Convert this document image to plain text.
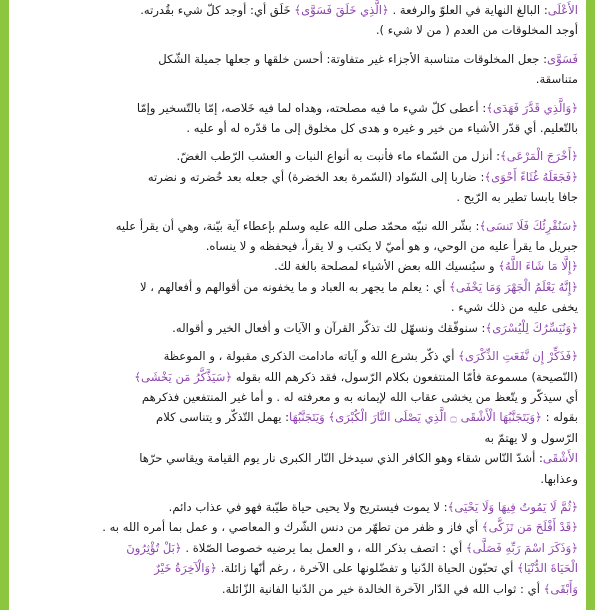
الأَعْلَى: البالغ النهاية في العلوّ والرفعة . ﴿الَّذِي خَلَقَ فَسَوَّى﴾ خَلَق أي: أوجد كلّ شيء بقُدرته.
أوجد المخلوقات من العدم ( من لا شيء ).
فَسَوَّى: جعل المخلوقات متناسبة الأجزاء غير متفاوتة: أحسن خلقها و جعلها جميلة الشّكل
متناسقة.
﴿وَالَّذِي قَدَّرَ فَهَدَى﴾: أعطى كلّ شيء ما فيه مصلحته، وهداه لما فيه خَلاصه، إمّا بالتّسخير وإمّا
بالتّعليم. أي قدّر الأشياء من خير و غيره و هدى كل مخلوق إلى ما قدّره له أو عليه .
﴿أَخْرَجَ الْمَرْعَى﴾: أنزل من السّماء ماء فأنبت به أنواع النبات و العشب الرّطب الغضّ.
﴿فَجَعَلَهُ غُثَاءً أَحْوَى﴾: ضاربا إلى السّواد (السّمرة بعد الخضرة) أي جعله بعد خُضرته و نضرته
جافا يابسا تطير به الرّيح .
﴿سَنُقْرِئُكَ فَلَا تَنسَى﴾: بشّر الله نبيّه محمّد صلى الله عليه وسلم بإعطاء آية بيّنة، وهي أن يقرأ عليه
جبريل ما يقرأ عليه من الوحي، و هو أميّ لا يكتب و لا يقرأ، فيحفظه و لا ينساه.
﴿إِلَّا مَا شَاءَ اللَّهُ﴾ و سيُنسيك الله بعض الأشياء لمصلحة بالغة لك.
﴿إِنَّهُ يَعْلَمُ الْجَهْرَ وَمَا يَخْفَى﴾ أي : يعلم ما يجهر به العباد و ما يخفونه من أقوالهم و أفعالهم ، لا
يخفى عليه من ذلك شيء .
﴿وَنُيَسِّرُكَ لِلْيُسْرَى﴾: سنوفّقك ونسهّل لك تذكّر القرآن و الآيات و أفعال الخير و أقواله.
﴿فَذَكِّرْ إِن نَّفَعَتِ الذِّكْرَى﴾ أي ذكّر بشرع الله و آياته مادامت الذكرى مقبولة ، و الموعظة
(النّصيحة) مسموعة فأمّا المنتفعون بكلام الرّسول، فقد ذكرهم الله بقوله ﴿سَيَذَّكَّرُ مَن يَخْشَى﴾
أي سيذكّر و يتّعظ من يخشى عقاب الله لإيمانه به و معرفته له . و أما غير المنتفعين فذكرهم
بقوله : ﴿وَيَتَجَنَّبُهَا الْأَشْقَى ۝ الَّذِي يَصْلَى النَّارَ الْكُبْرَى﴾ وَيَتَجَنَّبُهَا: يهمل التّذكّر و يتناسى كلام
الرّسول و لا يهتمّ به
الأَشْقَى: أشدّ النّاس شقاء وهو الكافر الذي سيدخل النّار الكبرى نار يوم القيامة ويقاسي حرّها
وعذابها.
﴿ثُمَّ لَا يَمُوتُ فِيهَا وَلَا يَحْيَى﴾: لا يموت فيستريح ولا يحيى حياة طيّبة فهو في عذاب دائم.
﴿قَدْ أَفْلَحَ مَن تَزَكَّى﴾ أي فاز و ظفر من تطهّر من دنس الشّرك و المعاصي ، و عمل بما أمره الله به .
﴿وَذَكَرَ اسْمَ رَبِّهِ فَصَلَّى﴾ أي : اتصف بذكر الله ، و العمل بما يرضيه خصوصا الصّلاة . ﴿بَلْ تُؤْثِرُونَ
الْحَيَاةَ الدُّنْيَا﴾ أي تحبّون الحياة الدّنيا و تفضّلونها على الآخرة ، رغم أنّها زائلة. ﴿وَالْآخِرَةُ خَيْرٌ
وَأَبْقَى﴾ أي : ثواب الله في الدّار الآخرة الخالدة خير من الدّنيا الفانية الزّائلة.
